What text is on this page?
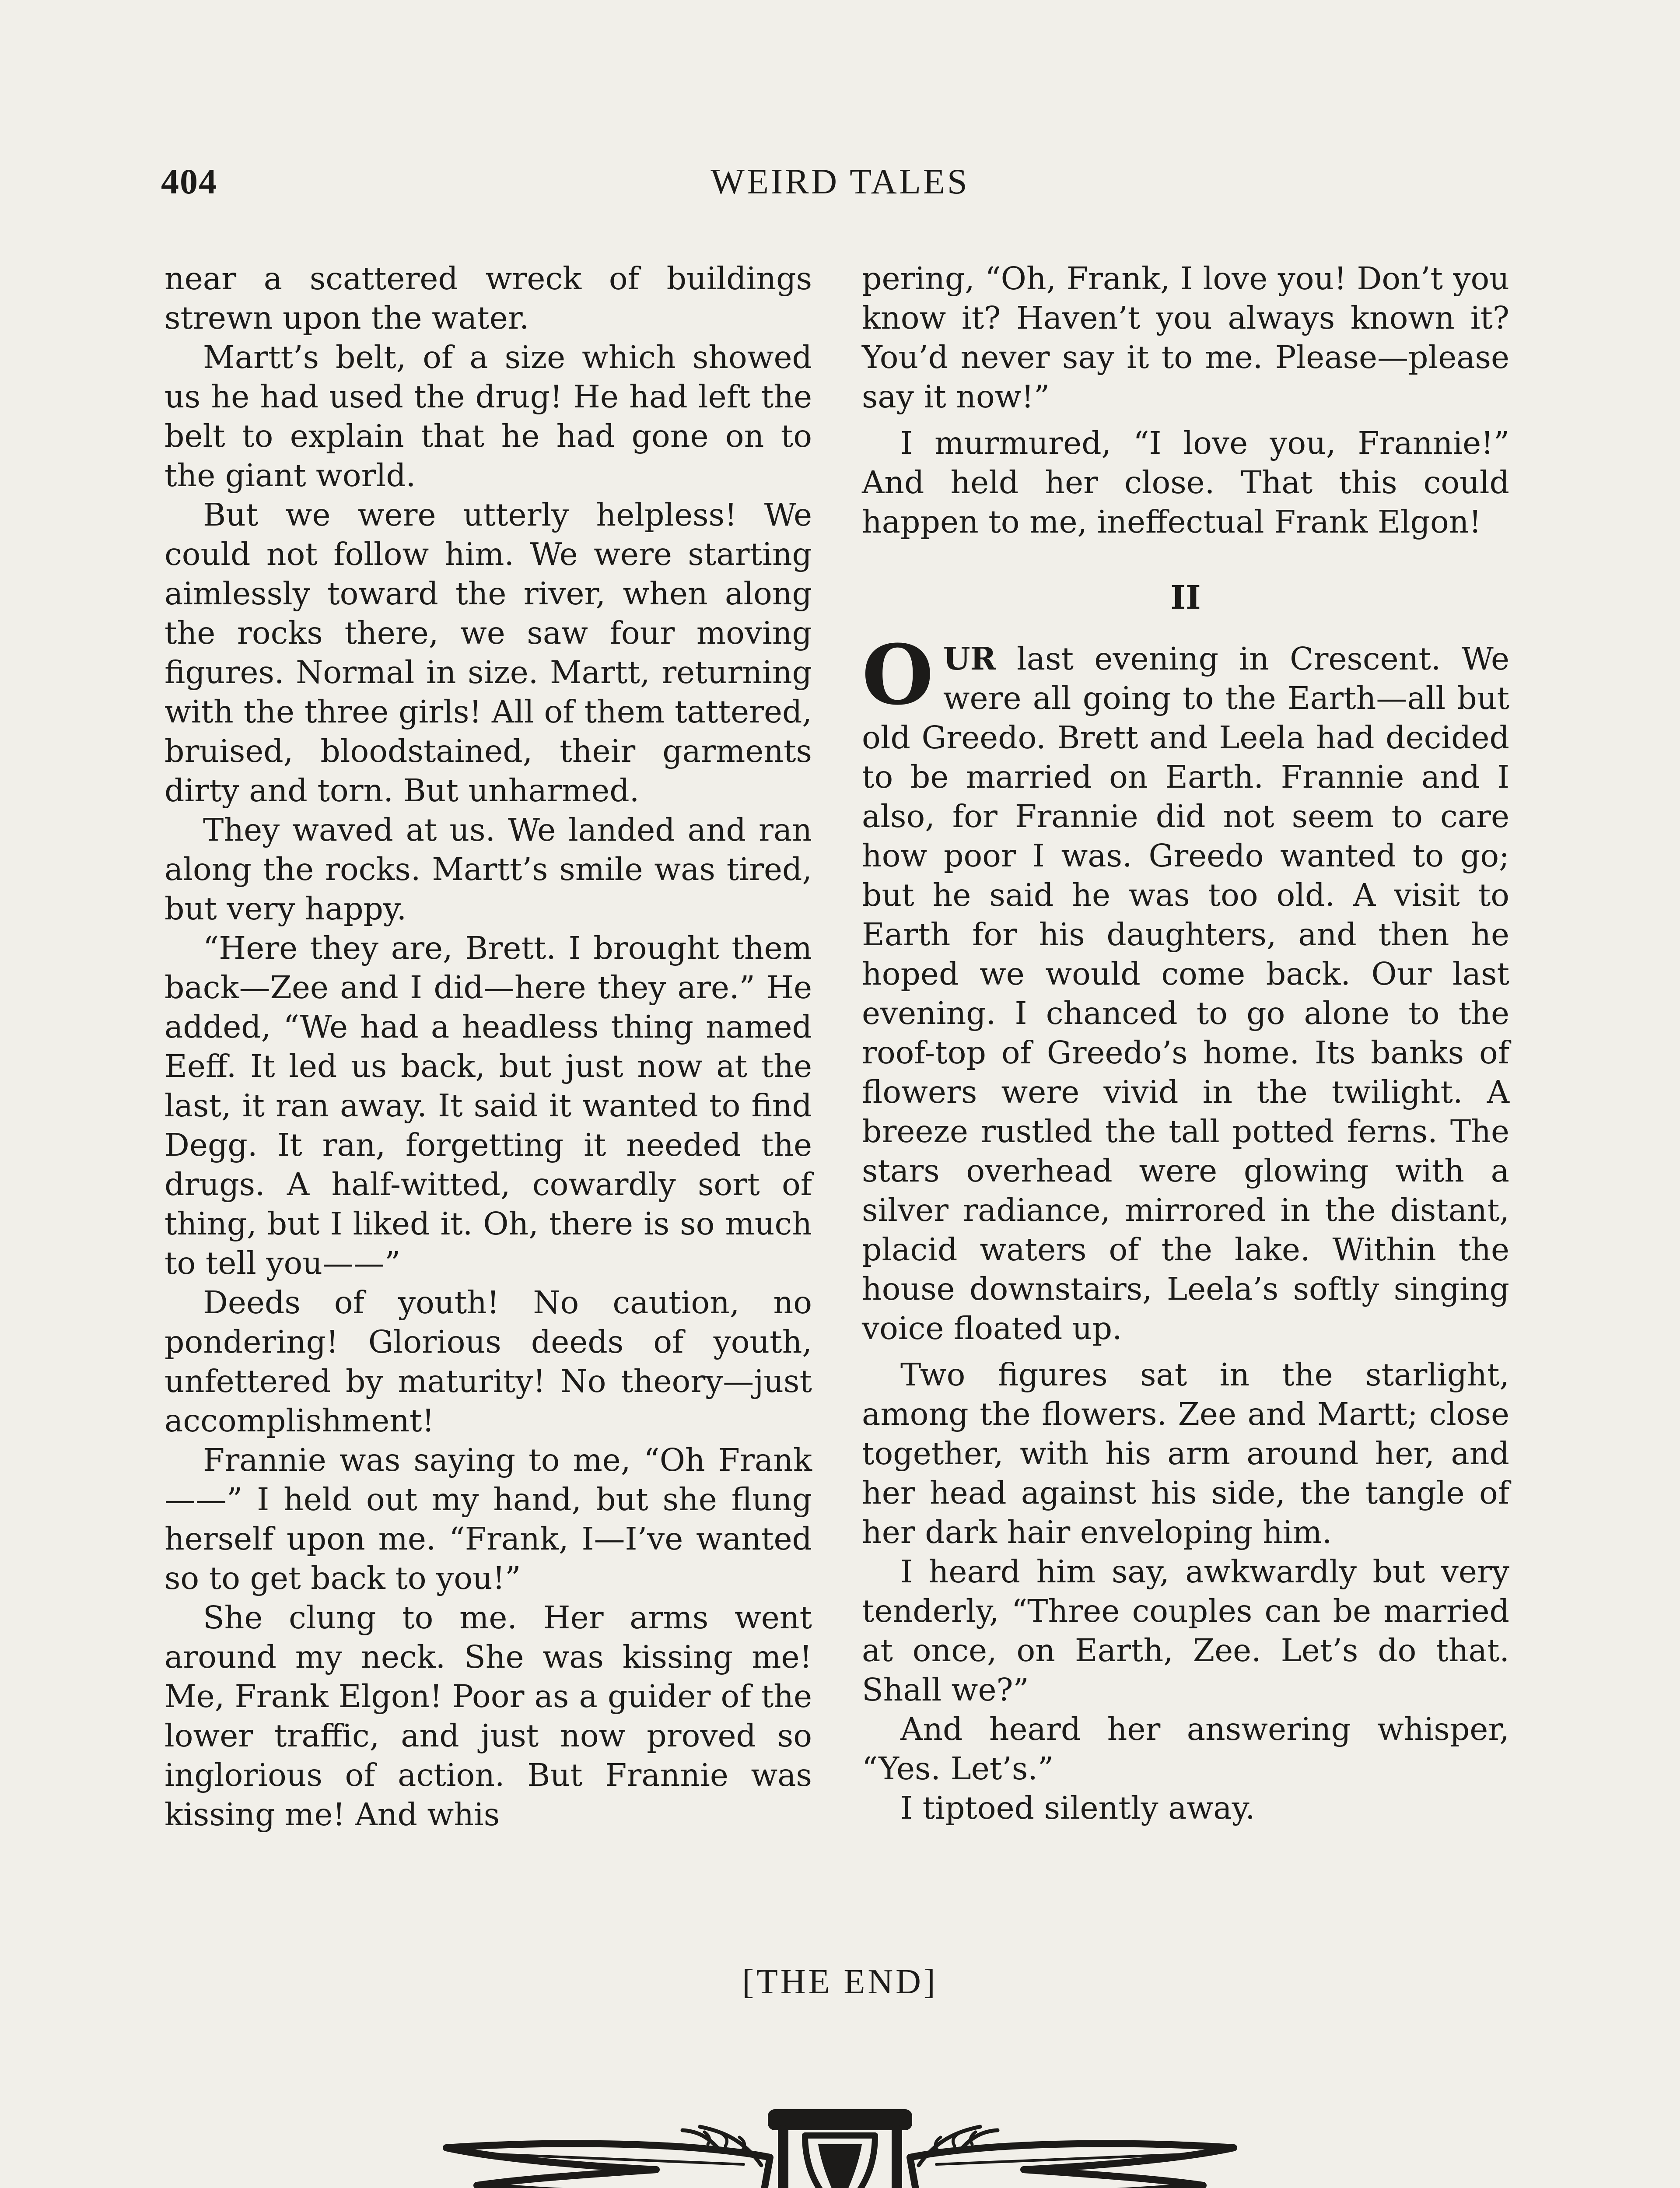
404	WEIRD TALES

near a scattered wreck of buildings strewn upon the water.

Martt’s belt, of a size which showed us he had used the drug! He had left the belt to explain that he had gone on to the giant world.

But we were utterly helpless! We could not follow him. We were starting aimlessly toward the river, when along the rocks there, we saw four moving figures. Normal in size. Martt, returning with the three girls! All of them tattered, bruised, bloodstained, their garments dirty and torn. But unharmed.

They waved at us. We landed and ran along the rocks. Martt’s smile was tired, but very happy.

“Here they are, Brett. I brought them back—Zee and I did—here they are.” He added, “We had a headless thing named Eeff. It led us back, but just now at the last, it ran away. It said it wanted to find Degg. It ran, forgetting it needed the drugs. A half-witted, cowardly sort of thing, but I liked it. Oh, there is so much to tell you——”

Deeds of youth! No caution, no pondering! Glorious deeds of youth, unfettered by maturity! No theory—just accomplishment!

Frannie was saying to me, “Oh Frank——” I held out my hand, but she flung herself upon me. “Frank, I—I’ve wanted so to get back to you!”

She clung to me. Her arms went around my neck. She was kissing me! Me, Frank Elgon! Poor as a guider of the lower traffic, and just now proved so inglorious of action. But Frannie was kissing me! And whis

pering, “Oh, Frank, I love you! Don’t you know it? Haven’t you always known it? You’d never say it to me. Please—please say it now!”

I murmured, “I love you, Frannie!” And held her close. That this could happen to me, ineffectual Frank Elgon!

II

OUR last evening in Crescent. We were all going to the Earth—all but old Greedo. Brett and Leela had decided to be married on Earth. Frannie and I also, for Frannie did not seem to care how poor I was. Greedo wanted to go; but he said he was too old. A visit to Earth for his daughters, and then he hoped we would come back. Our last evening. I chanced to go alone to the roof-top of Greedo’s home. Its banks of flowers were vivid in the twilight. A breeze rustled the tall potted ferns. The stars overhead were glowing with a silver radiance, mirrored in the distant, placid waters of the lake. Within the house downstairs, Leela’s softly singing voice floated up.

Two figures sat in the starlight, among the flowers. Zee and Martt; close together, with his arm around her, and her head against his side, the tangle of her dark hair enveloping him.

I heard him say, awkwardly but very tenderly, “Three couples can be married at once, on Earth, Zee. Let’s do that. Shall we?”

And heard her answering whisper, “Yes. Let’s.”

I tiptoed silently away.

[THE END]
